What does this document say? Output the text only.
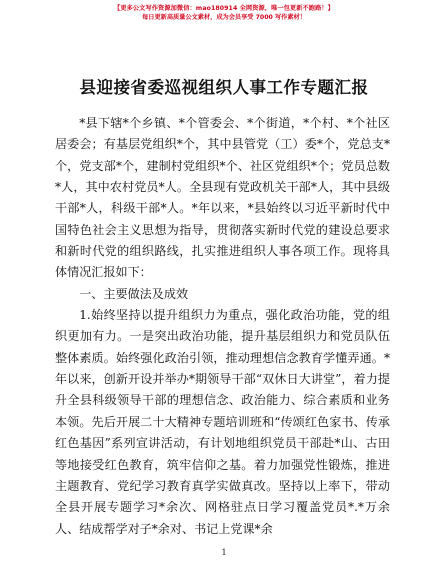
【更多公文写作资源加微信：mao180914 全网资源，唯一包更新不跑路！】
每日更新高质量公文素材，成为会员享受 7000 写作素材！
县迎接省委巡视组织人事工作专题汇报

*县下辖*个乡镇、*个管委会、*个街道，*个村、*个社区居委会；有基层党组织*个，其中县管党（工）委*个，党总支*个，党支部*个，建制村党组织*个、社区党组织*个；党员总数*人，其中农村党员*人。全县现有党政机关干部*人，其中县级干部*人，科级干部*人。*年以来，*县始终以习近平新时代中国特色社会主义思想为指导，贯彻落实新时代党的建设总要求和新时代党的组织路线，扎实推进组织人事各项工作。现将具体情况汇报如下：

一、主要做法及成效

1.始终坚持以提升组织力为重点，强化政治功能，党的组织更加有力。一是突出政治功能，提升基层组织力和党员队伍整体素质。始终强化政治引领，推动理想信念教育学懂弄通。*年以来，创新开设并举办*期领导干部“双休日大讲堂”，着力提升全县科级领导干部的理想信念、政治能力、综合素质和业务本领。先后开展二十大精神专题培训班和“传颂红色家书、传承红色基因”系列宣讲活动，有计划地组织党员干部赴*山、古田等地接受红色教育，筑牢信仰之基。着力加强党性锻炼，推进主题教育、党纪学习教育真学实做真改。坚持以上率下，带动全县开展专题学习*余次、网格驻点日学习覆盖党员*.*万余人、结成帮学对子*余对、书记上党课*余

1
